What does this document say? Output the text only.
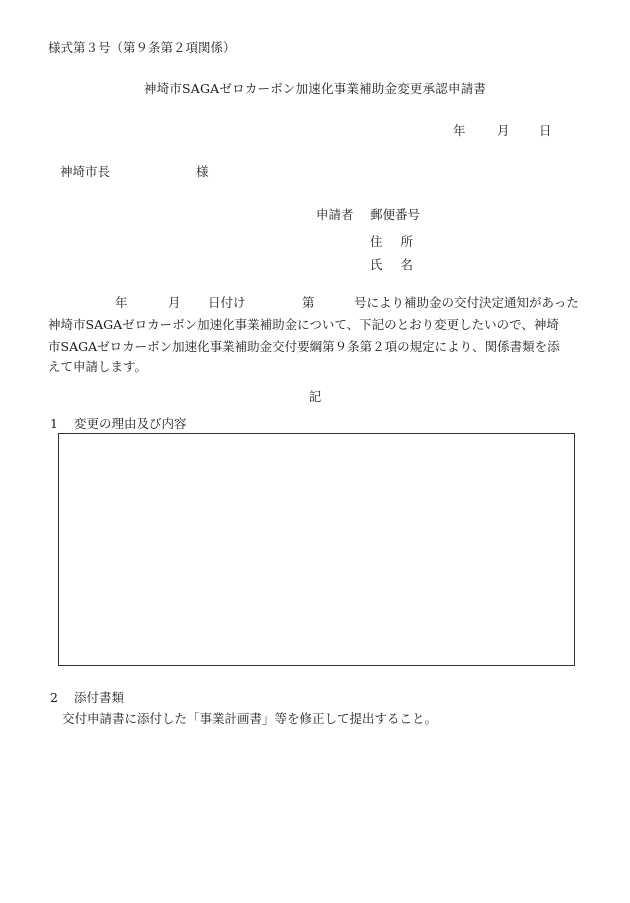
様式第３号（第９条第２項関係）
神埼市SAGAゼロカーボン加速化事業補助金変更承認申請書
年	月 日
神埼市長	様
申請者 郵便番号
住所
氏名
年	月 日付け	第	号により補助金の交付決定通知があった
神埼市SAGAゼロカーボン加速化事業補助金について、下記のとおり変更したいので、神埼
市SAGAゼロカーボン加速化事業補助金交付要綱第９条第２項の規定により、関係書類を添
えて申請します。
記
1 変更の理由及び内容
2 添付書類
交付申請書に添付した「事業計画書」等を修正して提出すること。
